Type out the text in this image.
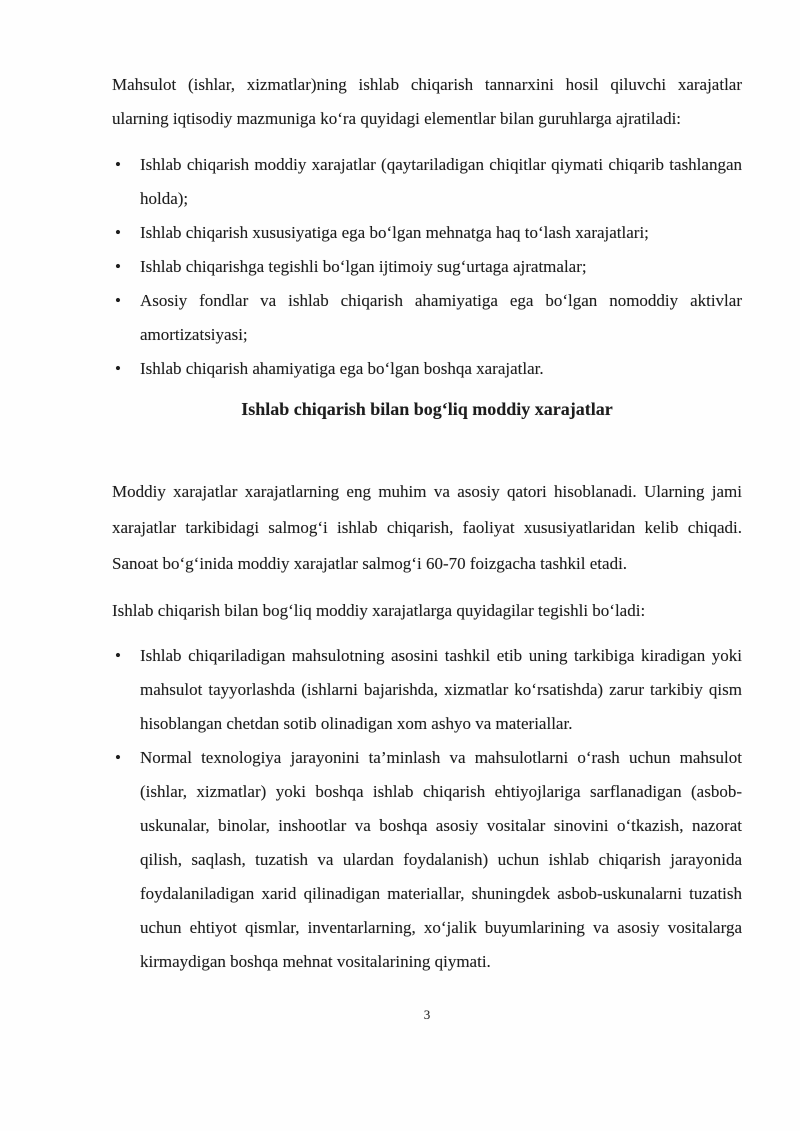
Mahsulot (ishlar, xizmatlar)ning ishlab chiqarish tannarxini hosil qiluvchi xarajatlar ularning iqtisodiy mazmuniga ko‘ra quyidagi elementlar bilan guruhlarga ajratiladi:

• Ishlab chiqarish moddiy xarajatlar (qaytariladigan chiqitlar qiymati chiqarib tashlangan holda);
• Ishlab chiqarish xususiyatiga ega bo‘lgan mehnatga haq to‘lash xarajatlari;
• Ishlab chiqarishga tegishli bo‘lgan ijtimoiy sug‘urtaga ajratmalar;
• Asosiy fondlar va ishlab chiqarish ahamiyatiga ega bo‘lgan nomoddiy aktivlar amortizatsiyasi;
• Ishlab chiqarish ahamiyatiga ega bo‘lgan boshqa xarajatlar.
Ishlab chiqarish bilan bog‘liq moddiy xarajatlar

Moddiy xarajatlar xarajatlarning eng muhim va asosiy qatori hisoblanadi. Ularning jami xarajatlar tarkibidagi salmog‘i ishlab chiqarish, faoliyat xususiyatlaridan kelib chiqadi. Sanoat bo‘g‘inida moddiy xarajatlar salmog‘i 60-70 foizgacha tashkil etadi.

Ishlab chiqarish bilan bog‘liq moddiy xarajatlarga quyidagilar tegishli bo‘ladi:

• Ishlab chiqariladigan mahsulotning asosini tashkil etib uning tarkibiga kiradigan yoki mahsulot tayyorlashda (ishlarni bajarishda, xizmatlar ko‘rsatishda) zarur tarkibiy qism hisoblangan chetdan sotib olinadigan xom ashyo va materiallar.
• Normal texnologiya jarayonini ta’minlash va mahsulotlarni o‘rash uchun mahsulot (ishlar, xizmatlar) yoki boshqa ishlab chiqarish ehtiyojlariga sarflanadigan (asbob-uskunalar, binolar, inshootlar va boshqa asosiy vositalar sinovini o‘tkazish, nazorat qilish, saqlash, tuzatish va ulardan foydalanish) uchun ishlab chiqarish jarayonida foydalaniladigan xarid qilinadigan materiallar, shuningdek asbob-uskunalarni tuzatish uchun ehtiyot qismlar, inventarlarning, xo‘jalik buyumlarining va asosiy vositalarga kirmaydigan boshqa mehnat vositalarining qiymati.
3
